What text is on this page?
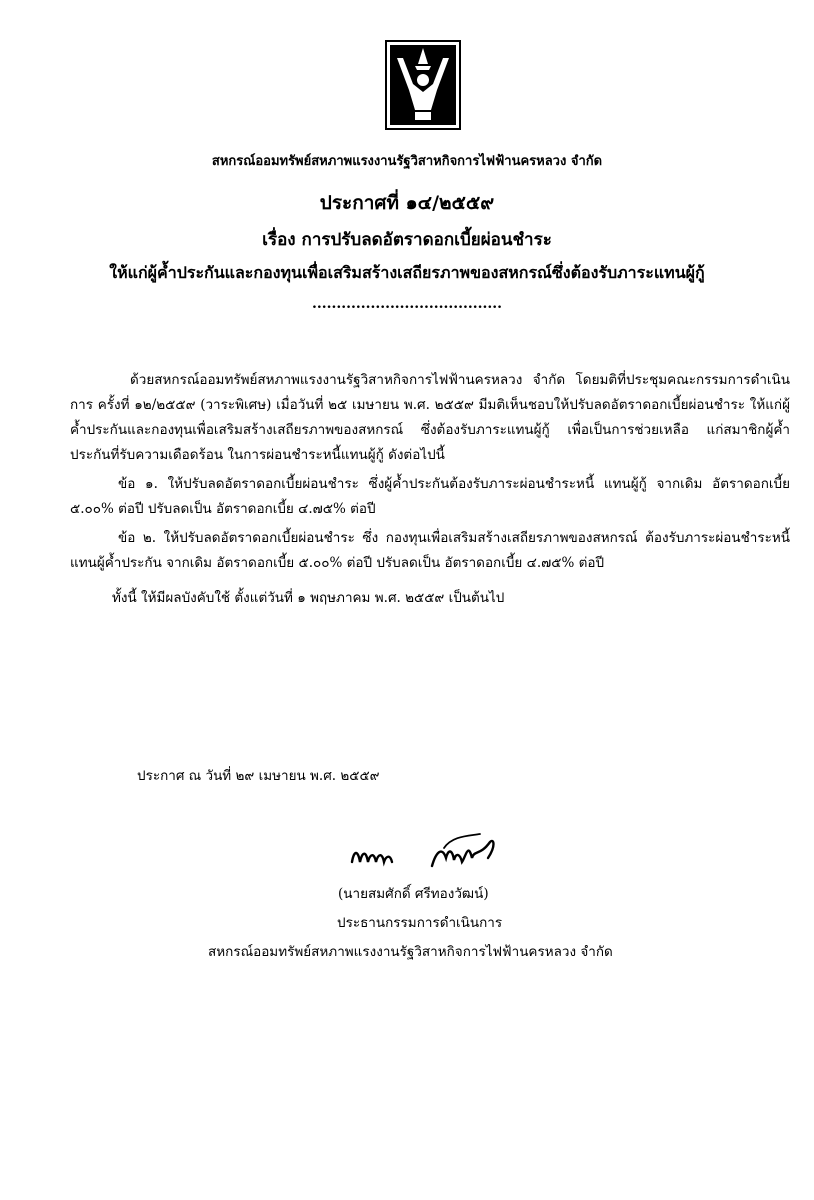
สหกรณ์ออมทรัพย์สหภาพแรงงานรัฐวิสาหกิจการไฟฟ้านครหลวง จำกัด
ประกาศที่ ๑๔/๒๕๕๙
เรื่อง การปรับลดอัตราดอกเบี้ยผ่อนชำระ
ให้แก่ผู้ค้ำประกันและกองทุนเพื่อเสริมสร้างเสถียรภาพของสหกรณ์ซึ่งต้องรับภาระแทนผู้กู้
.......................................

ด้วยสหกรณ์ออมทรัพย์สหภาพแรงงานรัฐวิสาหกิจการไฟฟ้านครหลวง จำกัด โดยมติที่ประชุมคณะกรรมการดำเนินการ ครั้งที่ ๑๒/๒๕๕๙ (วาระพิเศษ) เมื่อวันที่ ๒๕ เมษายน พ.ศ. ๒๕๕๙ มีมติเห็นชอบให้ปรับลดอัตราดอกเบี้ยผ่อนชำระ ให้แก่ผู้ค้ำประกันและกองทุนเพื่อเสริมสร้างเสถียรภาพของสหกรณ์ ซึ่งต้องรับภาระแทนผู้กู้ เพื่อเป็นการช่วยเหลือ แก่สมาชิกผู้ค้ำประกันที่รับความเดือดร้อน ในการผ่อนชำระหนี้แทนผู้กู้ ดังต่อไปนี้

ข้อ ๑. ให้ปรับลดอัตราดอกเบี้ยผ่อนชำระ ซึ่งผู้ค้ำประกันต้องรับภาระผ่อนชำระหนี้ แทนผู้กู้ จากเดิม อัตราดอกเบี้ย ๕.๐๐% ต่อปี ปรับลดเป็น อัตราดอกเบี้ย ๔.๗๕% ต่อปี

ข้อ ๒. ให้ปรับลดอัตราดอกเบี้ยผ่อนชำระ ซึ่ง กองทุนเพื่อเสริมสร้างเสถียรภาพของสหกรณ์ ต้องรับภาระผ่อนชำระหนี้แทนผู้ค้ำประกัน จากเดิม อัตราดอกเบี้ย ๕.๐๐% ต่อปี ปรับลดเป็น อัตราดอกเบี้ย ๔.๗๕% ต่อปี

ทั้งนี้ ให้มีผลบังคับใช้ ตั้งแต่วันที่ ๑ พฤษภาคม พ.ศ. ๒๕๕๙ เป็นต้นไป

ประกาศ ณ วันที่ ๒๙ เมษายน พ.ศ. ๒๕๕๙
(นายสมศักดิ์ ศรีทองวัฒน์)
ประธานกรรมการดำเนินการ
สหกรณ์ออมทรัพย์สหภาพแรงงานรัฐวิสาหกิจการไฟฟ้านครหลวง จำกัด
